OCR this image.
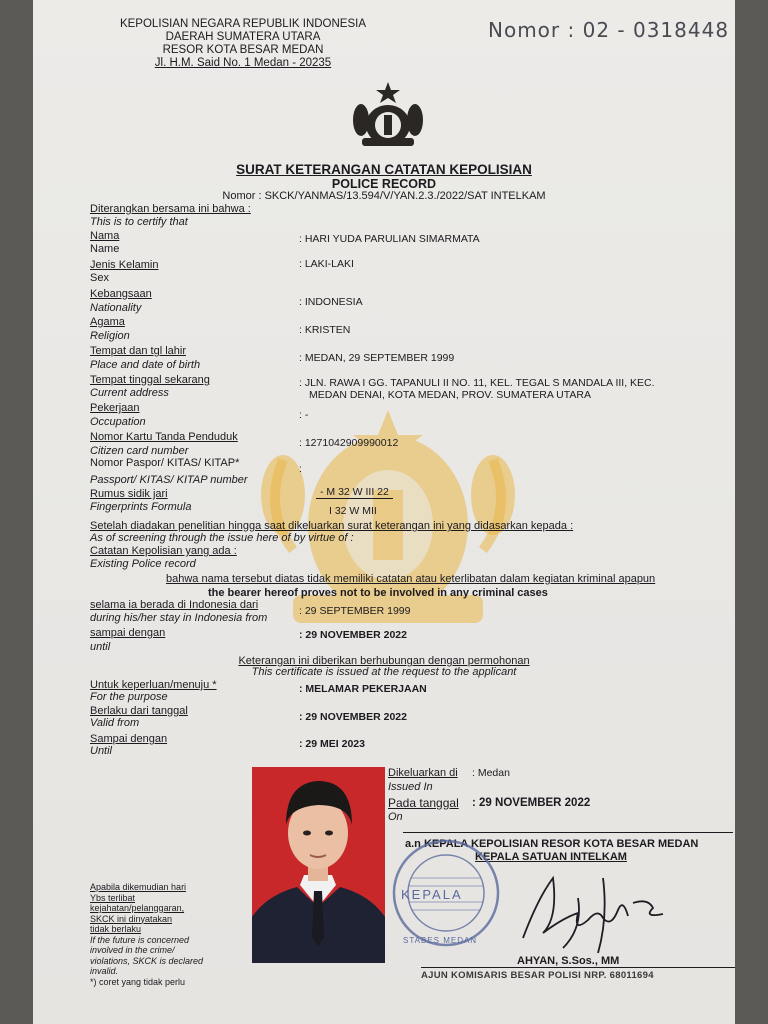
KEPOLISIAN NEGARA REPUBLIK INDONESIA
DAERAH SUMATERA UTARA
RESOR KOTA BESAR MEDAN
Jl. H.M. Said No. 1 Medan - 20235
Nomor : 02 - 0318448
SURAT KETERANGAN CATATAN KEPOLISIAN
POLICE RECORD
Nomor : SKCK/YANMAS/13.594/V/YAN.2.3./2022/SAT INTELKAM
Diterangkan bersama ini bahwa :
This is to certify that
Nama
Name
: HARI YUDA PARULIAN SIMARMATA
Jenis Kelamin
Sex
: LAKI-LAKI
Kebangsaan
Nationality	: INDONESIA
Agama
Religion	: KRISTEN
Tempat dan tgl lahir
Place and date of birth
: MEDAN, 29 SEPTEMBER 1999
Tempat tinggal sekarang
Current address
: JLN. RAWA I GG. TAPANULI II NO. 11, KEL. TEGAL S MANDALA III, KEC.
MEDAN DENAI, KOTA MEDAN, PROV. SUMATERA UTARA
Pekerjaan
Occupation
: -
Nomor Kartu Tanda Penduduk
Citizen card number
: 1271042909990012
Nomor Paspor/ KITAS/ KITAP*
Passport/ KITAS/ KITAP number
:
Rumus sidik jari
Fingerprints Formula
- M 32 W III 22
I 32 W MII
Setelah diadakan penelitian hingga saat dikeluarkan surat keterangan ini yang didasarkan kepada :
As of screening through the issue here of by virtue of :
Catatan Kepolisian yang ada :
Existing Police record
bahwa nama tersebut diatas tidak memiliki catatan atau keterlibatan dalam kegiatan kriminal apapun
the bearer hereof proves not to be involved in any criminal cases
selama ia berada di Indonesia dari
during his/her stay in Indonesia from
: 29 SEPTEMBER 1999
sampai dengan
until
: 29 NOVEMBER 2022
Keterangan ini diberikan berhubungan dengan permohonan
This certificate is issued at the request to the applicant
Untuk keperluan/menuju *
For the purpose
: MELAMAR PEKERJAAN
Berlaku dari tanggal
Valid from	: 29 NOVEMBER 2022
Sampai dengan
Until
: 29 MEI 2023
Dikeluarkan di
Issued In
: Medan
Pada tanggal
On
: 29 NOVEMBER 2022
a.n KEPALA KEPOLISIAN RESOR KOTA BESAR MEDAN
KEPALA SATUAN INTELKAM
KEPALA
STABES MEDAN
AHYAN, S.Sos., MM
AJUN KOMISARIS BESAR POLISI NRP. 68011694
Apabila dikemudian hari
Ybs terlibat
kejahatan/pelanggaran,
SKCK ini dinyatakan
tidak berlaku
If the future is concerned
involved in the crime/
violations, SKCK is declared
invalid.
*) coret yang tidak perlu
